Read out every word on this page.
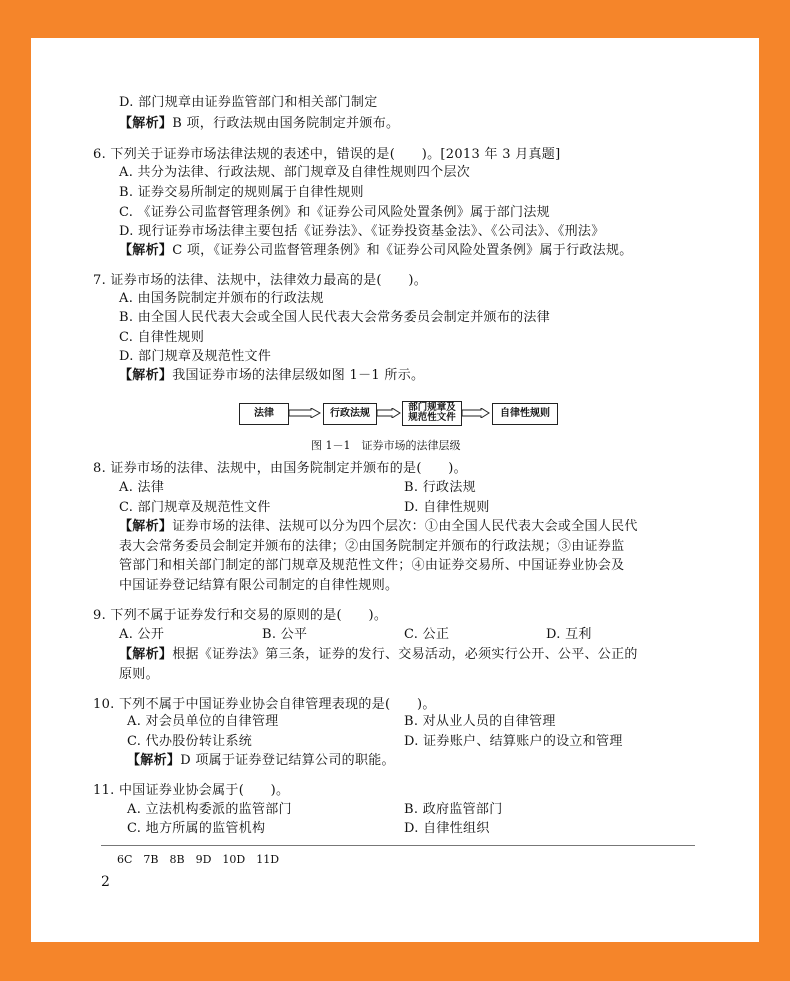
D. 部门规章由证券监管部门和相关部门制定
【解析】B 项，行政法规由国务院制定并颁布。
6. 下列关于证券市场法律法规的表述中，错误的是(　　)。[2013 年 3 月真题]
A. 共分为法律、行政法规、部门规章及自律性规则四个层次
B. 证券交易所制定的规则属于自律性规则
C. 《证券公司监督管理条例》和《证券公司风险处置条例》属于部门法规
D. 现行证券市场法律主要包括《证券法》、《证券投资基金法》、《公司法》、《刑法》
【解析】C 项，《证券公司监督管理条例》和《证券公司风险处置条例》属于行政法规。
7. 证券市场的法律、法规中，法律效力最高的是(　　)。
A. 由国务院制定并颁布的行政法规
B. 由全国人民代表大会或全国人民代表大会常务委员会制定并颁布的法律
C. 自律性规则
D. 部门规章及规范性文件
【解析】我国证券市场的法律层级如图 1－1 所示。
法律	行政法规
部门规章及
规范性文件	自律性规则
图 1－1　证券市场的法律层级
8. 证券市场的法律、法规中，由国务院制定并颁布的是(　　)。
A. 法律	B. 行政法规
C. 部门规章及规范性文件	D. 自律性规则
【解析】证券市场的法律、法规可以分为四个层次：①由全国人民代表大会或全国人民代
表大会常务委员会制定并颁布的法律；②由国务院制定并颁布的行政法规；③由证券监
管部门和相关部门制定的部门规章及规范性文件；④由证券交易所、中国证券业协会及
中国证券登记结算有限公司制定的自律性规则。
9. 下列不属于证券发行和交易的原则的是(　　)。
A. 公开	B. 公平	C. 公正	D. 互利
【解析】根据《证券法》第三条，证券的发行、交易活动，必须实行公开、公平、公正的
原则。
10. 下列不属于中国证券业协会自律管理表现的是(　　)。
A. 对会员单位的自律管理	B. 对从业人员的自律管理
C. 代办股份转让系统	D. 证券账户、结算账户的设立和管理
【解析】D 项属于证券登记结算公司的职能。
11. 中国证券业协会属于(　　)。
A. 立法机构委派的监管部门	B. 政府监管部门
C. 地方所属的监管机构	D. 自律性组织
6C　7B　8B　9D　10D　11D
2
